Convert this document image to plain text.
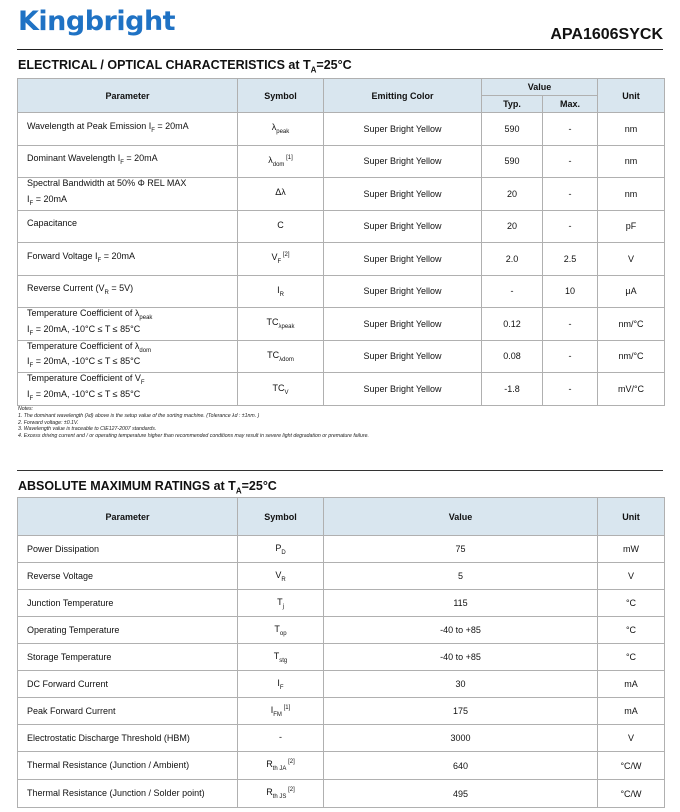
Kingbright	APA1606SYCK
ELECTRICAL / OPTICAL CHARACTERISTICS at $T_A=25^\circ C$
Parameter	Symbol	Emitting Color	Value		Unit
			Typ.	Max.	

Wavelength at Peak Emission $I_F = 20mA$	$\lambda_{peak}$	Super Bright Yellow	590	-	nm

Dominant Wavelength $I_F = 20mA$	$\lambda_{dom}$ [1]	Super Bright Yellow	590	-	nm

Spectral Bandwidth at 50% Φ REL MAX
$I_F = 20mA$	Δλ	Super Bright Yellow	20	-	nm

Capacitance	C	Super Bright Yellow	20	-	pF

Forward Voltage $I_F = 20mA$	$V_F$ [2]	Super Bright Yellow	2.0	2.5	V

Reverse Current $(V_R = 5V)$	$I_R$	Super Bright Yellow	-	10	μA

Temperature Coefficient of $\lambda_{peak}$
$I_F = 20mA$, -10°C ≤ T ≤ 85°C	$TC_{\lambda peak}$	Super Bright Yellow	0.12	-	nm/°C

Temperature Coefficient of $\lambda_{dom}$
$I_F = 20mA$, -10°C ≤ T ≤ 85°C	$TC_{\lambda dom}$	Super Bright Yellow	0.08	-	nm/°C

Temperature Coefficient of $V_F$
$I_F = 20mA$, -10°C ≤ T ≤ 85°C	$TC_V$	Super Bright Yellow	-1.8	-	mV/°C
Notes:
1. The dominant wavelength (λd) above is the setup value of the sorting machine. (Tolerance λd : ±1nm. )
2. Forward voltage: ±0.1V.
3. Wavelength value is traceable to CIE127-2007 standards.
4. Excess driving current and / or operating temperature higher than recommended conditions may result in severe light degradation or premature failure.
ABSOLUTE MAXIMUM RATINGS at $T_A=25^\circ C$
Parameter	Symbol	Value	Unit
Power Dissipation	$P_D$	75	mW
Reverse Voltage	$V_R$	5	V
Junction Temperature	$T_j$	115	°C
Operating Temperature	$T_{op}$	-40 to +85	°C
Storage Temperature	$T_{stg}$	-40 to +85	°C
DC Forward Current	$I_F$	30	mA
Peak Forward Current	$I_{FM}$ [1]	175	mA
Electrostatic Discharge Threshold (HBM)	-	3000	V
Thermal Resistance (Junction / Ambient)	$R_{th JA}$ [2]	640	°C/W
Thermal Resistance (Junction / Solder point)	$R_{th JS}$ [2]	495	°C/W
